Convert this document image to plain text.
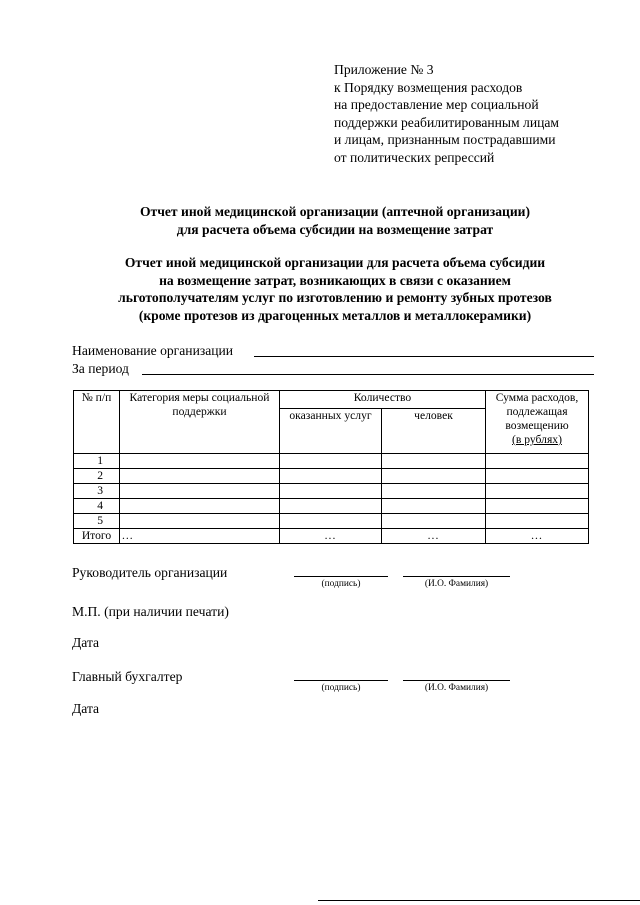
Приложение № 3
к Порядку возмещения расходов
на предоставление мер социальной
поддержки реабилитированным лицам
и лицам, признанным пострадавшими
от политических репрессий
Отчет иной медицинской организации (аптечной организации)
для расчета объема субсидии на возмещение затрат
Отчет иной медицинской организации для расчета объема субсидии
на возмещение затрат, возникающих в связи с оказанием
льготополучателям услуг по изготовлению и ремонту зубных протезов
(кроме протезов из драгоценных металлов и металлокерамики)
Наименование организации
За период
№ п/п	Категория меры социальной поддержки	Количество		Сумма расходов,
подлежащая
возмещению
(в рублях)

		оказанных услуг	человек	
1				
2				
3				
4				
5				
Итого	...	...	...	...
Руководитель организации
(подпись)	(И.О. Фамилия)
М.П. (при наличии печати)
Дата
Главный бухгалтер
(подпись)	(И.О. Фамилия)
Дата
